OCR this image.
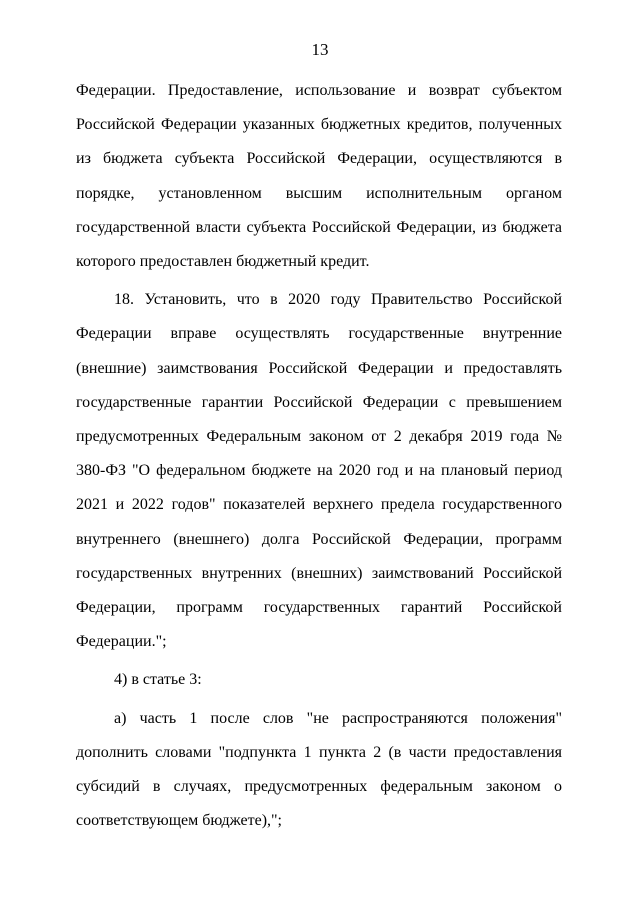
13

Федерации. Предоставление, использование и возврат субъектом Российской Федерации указанных бюджетных кредитов, полученных из бюджета субъекта Российской Федерации, осуществляются в порядке, установленном высшим исполнительным органом государственной власти субъекта Российской Федерации, из бюджета которого предоставлен бюджетный кредит.

18. Установить, что в 2020 году Правительство Российской Федерации вправе осуществлять государственные внутренние (внешние) заимствования Российской Федерации и предоставлять государственные гарантии Российской Федерации с превышением предусмотренных Федеральным законом от 2 декабря 2019 года № 380-ФЗ "О федеральном бюджете на 2020 год и на плановый период 2021 и 2022 годов" показателей верхнего предела государственного внутреннего (внешнего) долга Российской Федерации, программ государственных внутренних (внешних) заимствований Российской Федерации, программ государственных гарантий Российской Федерации.";

4) в статье 3:

а) часть 1 после слов "не распространяются положения" дополнить словами "подпункта 1 пункта 2 (в части предоставления субсидий в случаях, предусмотренных федеральным законом о соответствующем бюджете),";
